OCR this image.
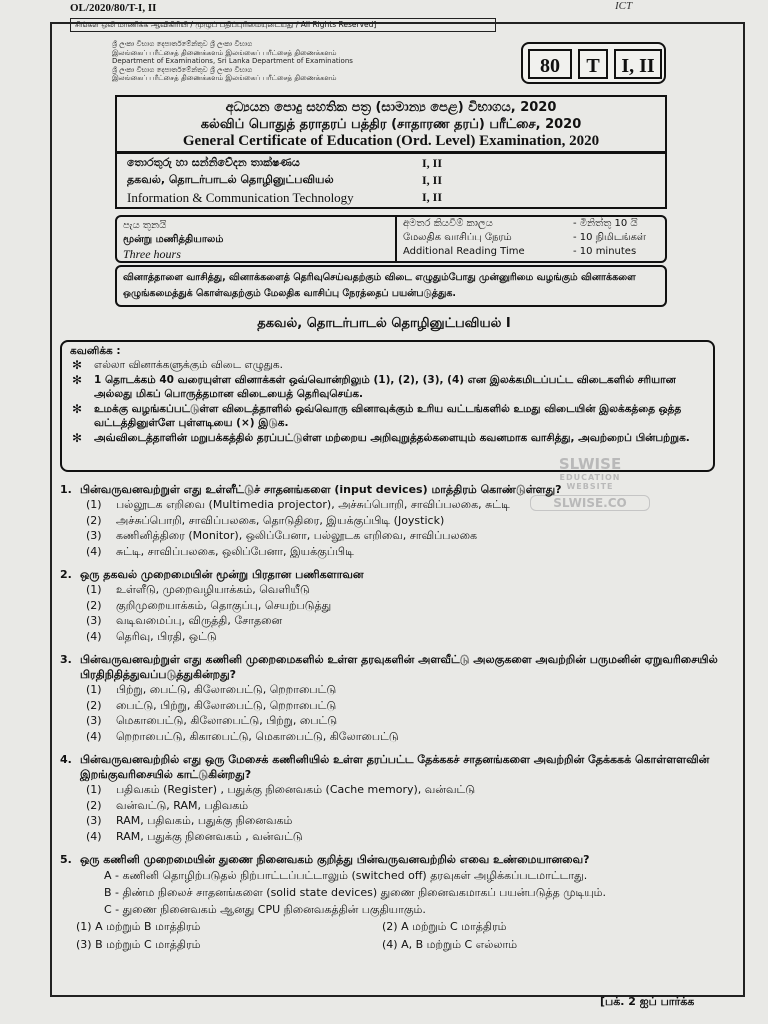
OL/2020/80/T-I, II	ICT
சிங்கள ஒலி மாணிக்க ஆவிகிரியி / முழுப் பதிப்புரிமையுடையது / All Rights Reserved]
ශ්‍රී ලංකා විභාග දෙපාර්තමේන්තුව ශ්‍රී ලංකා විභාග
இலங்கைப் பரீட்சைத் திணைக்களம் இலங்கைப் பரீட்சைத் திணைக்களம்
Department of Examinations, Sri Lanka Department of Examinations
ශ්‍රී ලංකා විභාග දෙපාර්තමේන්තුව ශ්‍රී ලංකා විභාග
இலங்கைப் பரீட்சைத் திணைக்களம் இலங்கைப் பரீட்சைத் திணைக்களம்
80	T	I, II
අධ්‍යයන පොදු සහතික පත්‍ර (සාමාන්‍ය පෙළ) විභාගය, 2020
கல்விப் பொதுத் தராதரப் பத்திர (சாதாரண தரப்) பரீட்சை, 2020
General Certificate of Education (Ord. Level) Examination, 2020
තොරතුරු හා සන්නිවේදන තාක්ෂණය	I, II
தகவல், தொடர்பாடல் தொழினுட்பவியல்	I, II
Information & Communication Technology	I, II
පැය තුනයි
மூன்று மணித்தியாலம்
Three hours
අමතර කියවීම් කාලය	- මිනිත්තු 10 යි
மேலதிக வாசிப்பு நேரம்	- 10 நிமிடங்கள்
Additional Reading Time	- 10 minutes
வினாத்தாளை வாசித்து, வினாக்களைத் தெரிவுசெய்வதற்கும் விடை எழுதும்போது முன்னுரிமை வழங்கும் வினாக்களை ஒழுங்கமைத்துக் கொள்வதற்கும் மேலதிக வாசிப்பு நேரத்தைப் பயன்படுத்துக.
தகவல், தொடர்பாடல் தொழினுட்பவியல் I
கவனிக்க :
✻ எல்லா வினாக்களுக்கும் விடை எழுதுக.
✻ 1 தொடக்கம் 40 வரையுள்ள வினாக்கள் ஒவ்வொன்றிலும் (1), (2), (3), (4) என இலக்கமிடப்பட்ட விடைகளில் சரியான அல்லது மிகப் பொருத்தமான விடையைத் தெரிவுசெய்க.
✻ உமக்கு வழங்கப்பட்டுள்ள விடைத்தாளில் ஒவ்வொரு வினாவுக்கும் உரிய வட்டங்களில் உமது விடையின் இலக்கத்தை ஒத்த வட்டத்தினுள்ளே புள்ளடியை (×) இடுக.
✻ அவ்விடைத்தாளின் மறுபக்கத்தில் தரப்பட்டுள்ள மற்றைய அறிவுறுத்தல்களையும் கவனமாக வாசித்து, அவற்றைப் பின்பற்றுக.
SLWISE
EDUCATION
WEBSITE
SLWISE.CO
1. பின்வருவனவற்றுள் எது உள்ளீட்டுச் சாதனங்களை (input devices) மாத்திரம் கொண்டுள்ளது?
(1)	பல்லூடக எறிவை (Multimedia projector), அச்சுப்பொறி, சாவிப்பலகை, சுட்டி
(2)	அச்சுப்பொறி, சாவிப்பலகை, தொடுதிரை, இயக்குப்பிடி (Joystick)
(3)	கணினித்திரை (Monitor), ஒலிப்பேனா, பல்லூடக எறிவை, சாவிப்பலகை
(4)	சுட்டி, சாவிப்பலகை, ஒலிப்பேனா, இயக்குப்பிடி
2. ஒரு தகவல் முறைமையின் மூன்று பிரதான பணிகளாவன
(1)	உள்ளீடு, முறைவழியாக்கம், வெளியீடு
(2)	குறிமுறையாக்கம், தொகுப்பு, செயற்படுத்து
(3)	வடிவமைப்பு, விருத்தி, சோதனை
(4)	தெரிவு, பிரதி, ஒட்டு
3. பின்வருவனவற்றுள் எது கணினி முறைமைகளில் உள்ள தரவுகளின் அளவீட்டு அலகுகளை அவற்றின் பருமனின் ஏறுவரிசையில் பிரதிநிதித்துவப்படுத்துகின்றது?
(1)	பிற்று, பைட்டு, கிலோபைட்டு, றெறாபைட்டு
(2)	பைட்டு, பிற்று, கிலோபைட்டு, றெறாபைட்டு
(3)	மெகாபைட்டு, கிலோபைட்டு, பிற்று, பைட்டு
(4)	றெறாபைட்டு, கிகாபைட்டு, மெகாபைட்டு, கிலோபைட்டு
4. பின்வருவனவற்றில் எது ஒரு மேசைக் கணினியில் உள்ள தரப்பட்ட தேக்ககச் சாதனங்களை அவற்றின் தேக்ககக் கொள்ளளவின் இறங்குவரிசையில் காட்டுகின்றது?
(1)	பதிவகம் (Register) , பதுக்கு நினைவகம் (Cache memory), வன்வட்டு
(2)	வன்வட்டு, RAM, பதிவகம்
(3)	RAM, பதிவகம், பதுக்கு நினைவகம்
(4)	RAM, பதுக்கு நினைவகம் , வன்வட்டு
5. ஒரு கணினி முறைமையின் துணை நினைவகம் குறித்து பின்வருவனவற்றில் எவை உண்மையானவை?
A - கணினி தொழிற்படுதல் நிற்பாட்டப்பட்டாலும் (switched off) தரவுகள் அழிக்கப்படமாட்டாது.
B - திண்ம நிலைச் சாதனங்களை (solid state devices) துணை நினைவகமாகப் பயன்படுத்த முடியும்.
C - துணை நினைவகம் ஆனது CPU நினைவகத்தின் பகுதியாகும்.
(1) A மற்றும் B மாத்திரம்	(2) A மற்றும் C மாத்திரம்
(3) B மற்றும் C மாத்திரம்	(4) A, B மற்றும் C எல்லாம்
[பக். 2 ஐப் பார்க்க
